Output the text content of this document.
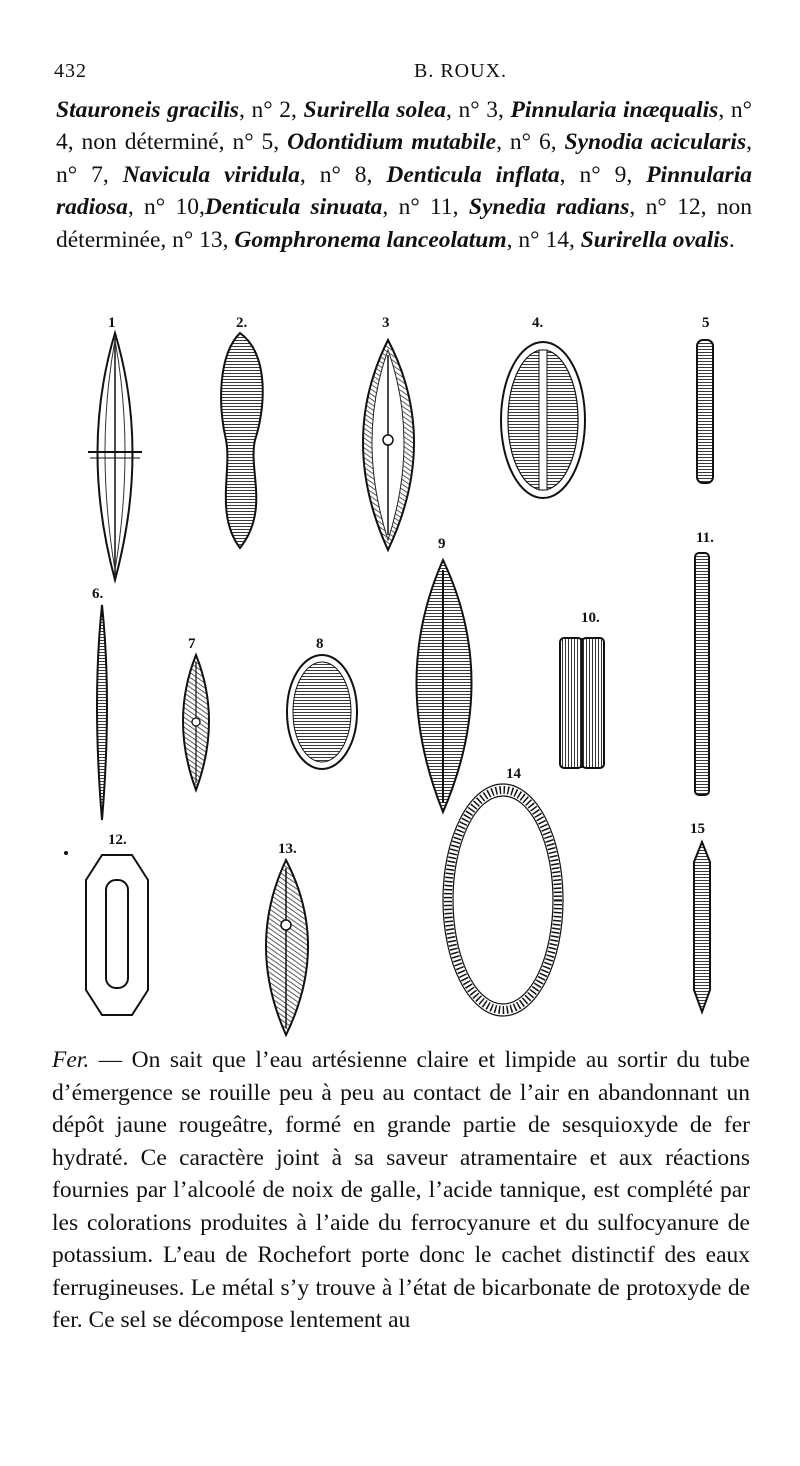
432	B. ROUX.

Stauroneis gracilis, n° 2, Surirella solea, n° 3, Pinnularia inæqualis, n° 4, non déterminé, n° 5, Odontidium mutabile, n° 6, Synodia acicularis, n° 7, Navicula viridula, n° 8, Denticula inflata, n° 9, Pinnularia radiosa, n° 10,Denticula sinuata, n° 11, Synedia radians, n° 12, non déterminée, n° 13, Gomphronema lanceolatum, n° 14, Surirella ovalis.

1	2.	3	4.	5
6.
7	8
9
10.
11.
12.
13.
14
15

Fer. — On sait que l’eau artésienne claire et limpide au sortir du tube d’émergence se rouille peu à peu au contact de l’air en abandonnant un dépôt jaune rougeâtre, formé en grande partie de sesquioxyde de fer hydraté. Ce caractère joint à sa saveur atramentaire et aux réactions fournies par l’alcoolé de noix de galle, l’acide tannique, est complété par les colorations produites à l’aide du ferrocyanure et du sulfocyanure de potassium. L’eau de Rochefort porte donc le cachet distinctif des eaux ferrugineuses. Le métal s’y trouve à l’état de bicarbonate de protoxyde de fer. Ce sel se décompose lentement au
